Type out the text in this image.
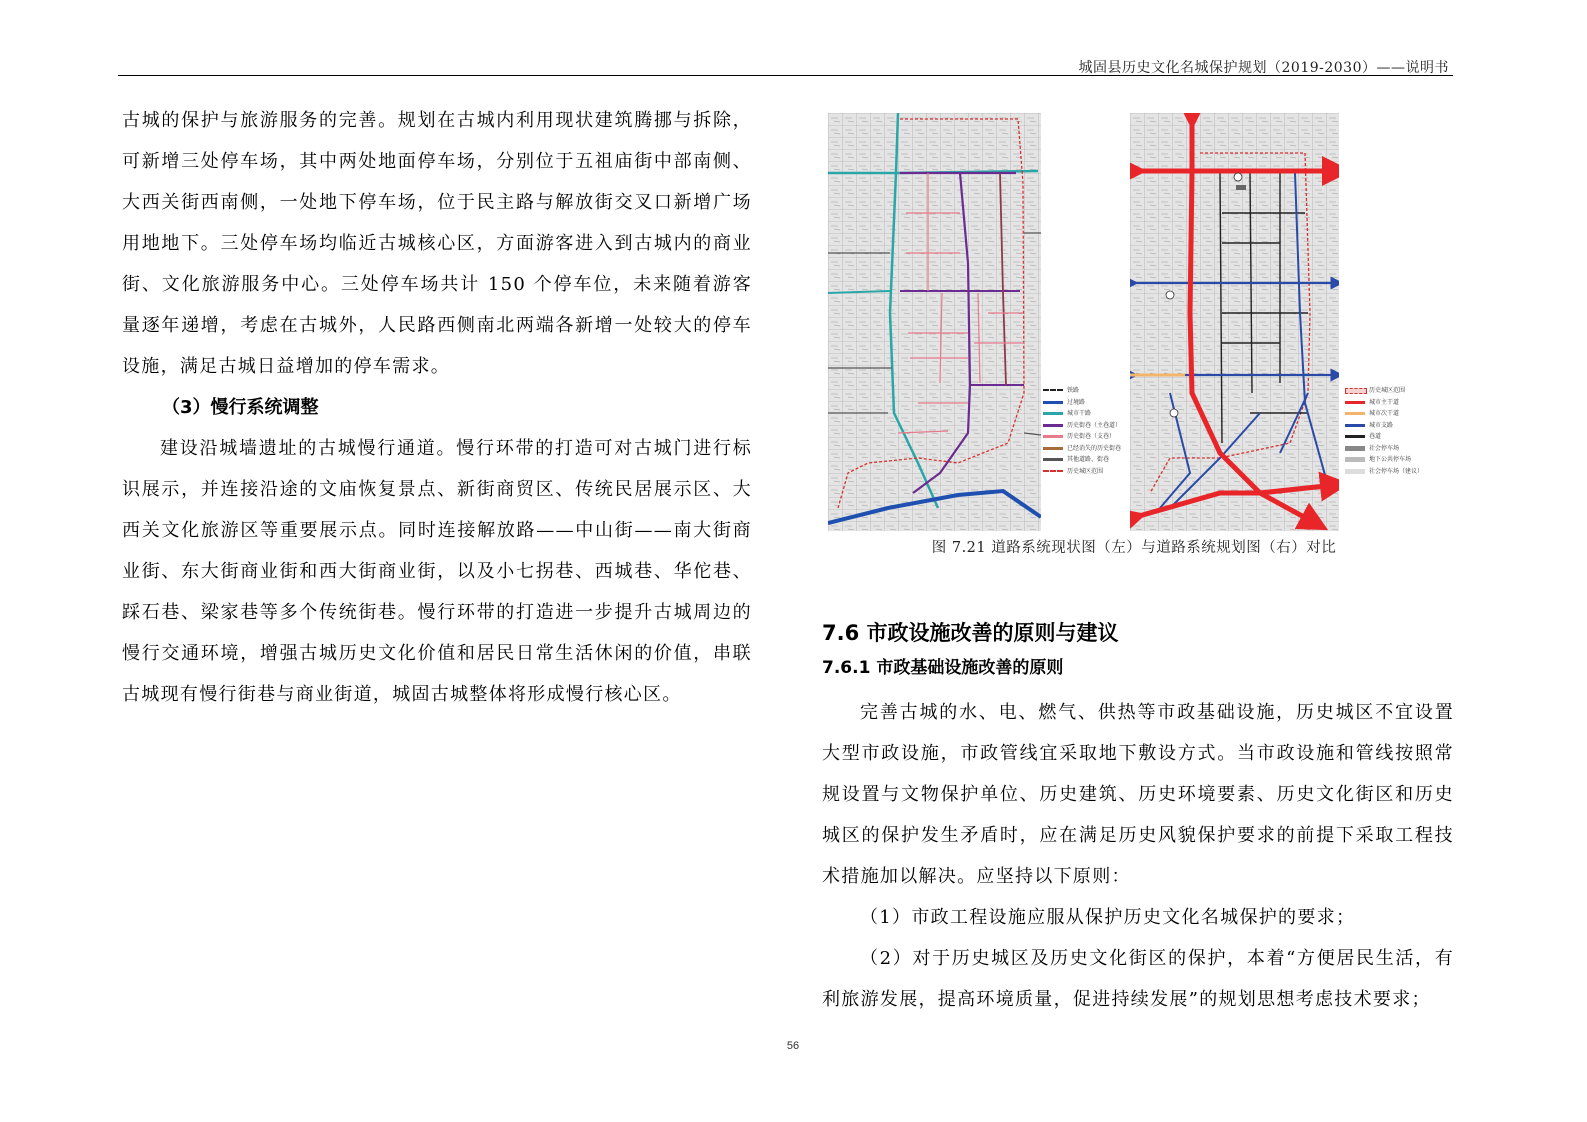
城固县历史文化名城保护规划（2019-2030）——说明书

古城的保护与旅游服务的完善。规划在古城内利用现状建筑腾挪与拆除，可新增三处停车场，其中两处地面停车场，分别位于五祖庙街中部南侧、大西关街西南侧，一处地下停车场，位于民主路与解放街交叉口新增广场用地地下。三处停车场均临近古城核心区，方面游客进入到古城内的商业街、文化旅游服务中心。三处停车场共计 150 个停车位，未来随着游客量逐年递增，考虑在古城外，人民路西侧南北两端各新增一处较大的停车设施，满足古城日益增加的停车需求。

（3）慢行系统调整

建设沿城墙遗址的古城慢行通道。慢行环带的打造可对古城门进行标识展示，并连接沿途的文庙恢复景点、新街商贸区、传统民居展示区、大西关文化旅游区等重要展示点。同时连接解放路——中山街——南大街商业街、东大街商业街和西大街商业街，以及小七拐巷、西城巷、华佗巷、踩石巷、梁家巷等多个传统街巷。慢行环带的打造进一步提升古城周边的慢行交通环境，增强古城历史文化价值和居民日常生活休闲的价值，串联古城现有慢行街巷与商业街道，城固古城整体将形成慢行核心区。

铁路
过境路
城市干路
历史街巷（主巷道）
历史街巷（支巷）
已经消失的历史街巷
其他道路、街巷
历史城区范围
历史城区范围
城市主干道
城市次干道
城市支路
巷道
社会停车场
地下公共停车场
社会停车场（建议）
图 7.21 道路系统现状图（左）与道路系统规划图（右）对比

7.6 市政设施改善的原则与建议

7.6.1 市政基础设施改善的原则

完善古城的水、电、燃气、供热等市政基础设施，历史城区不宜设置大型市政设施，市政管线宜采取地下敷设方式。当市政设施和管线按照常规设置与文物保护单位、历史建筑、历史环境要素、历史文化街区和历史城区的保护发生矛盾时，应在满足历史风貌保护要求的前提下采取工程技术措施加以解决。应坚持以下原则：

（1）市政工程设施应服从保护历史文化名城保护的要求；

（2）对于历史城区及历史文化街区的保护，本着“方便居民生活，有利旅游发展，提高环境质量，促进持续发展”的规划思想考虑技术要求；

56
